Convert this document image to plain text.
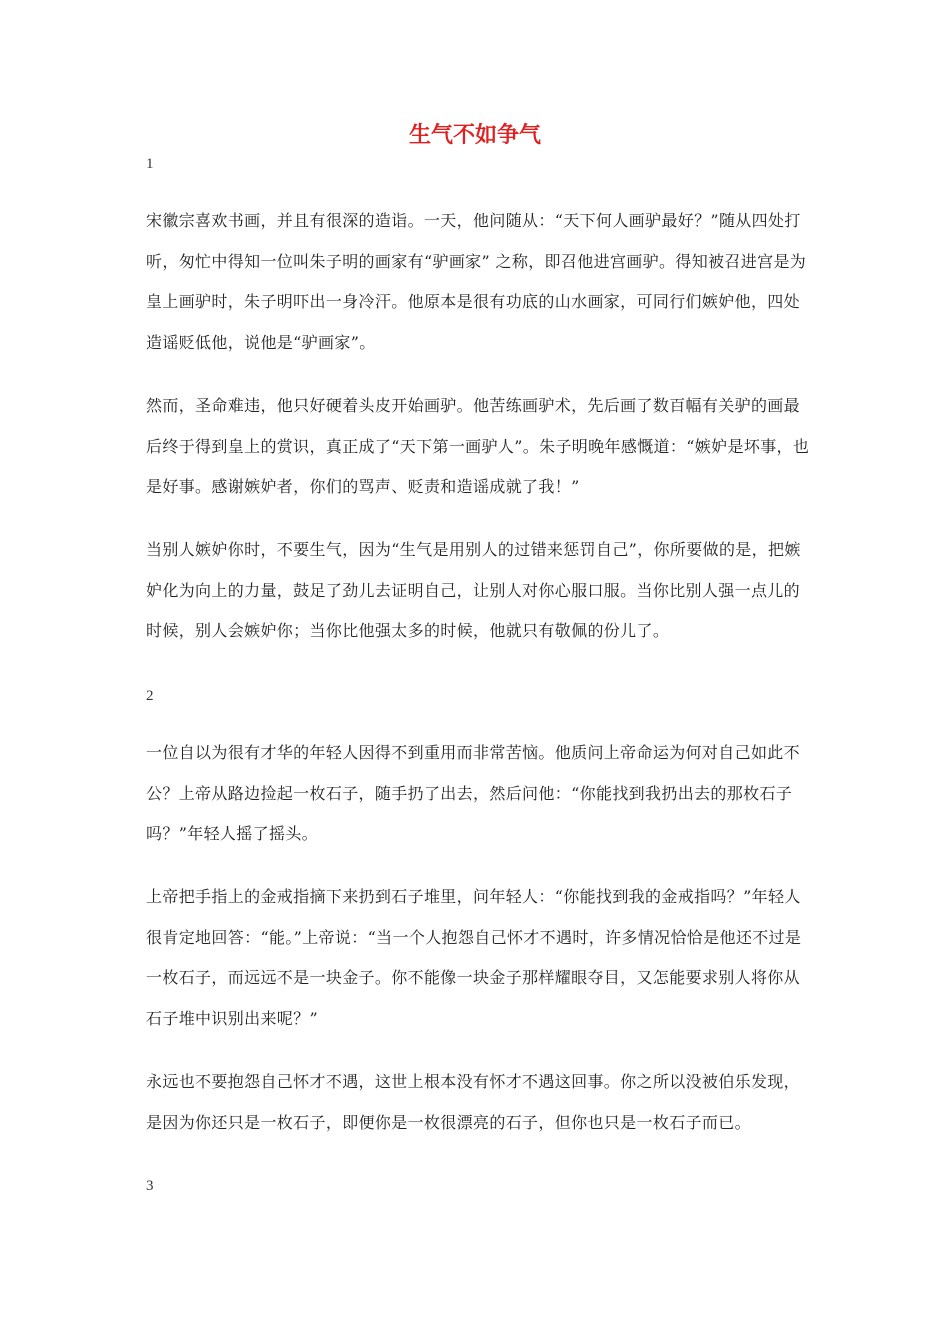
生气不如争气
1
宋徽宗喜欢书画，并且有很深的造诣。一天，他问随从：“天下何人画驴最好？”随从四处打听，匆忙中得知一位叫朱子明的画家有“驴画家” 之称，即召他进宫画驴。得知被召进宫是为皇上画驴时，朱子明吓出一身冷汗。他原本是很有功底的山水画家，可同行们嫉妒他，四处造谣贬低他，说他是“驴画家”。
然而，圣命难违，他只好硬着头皮开始画驴。他苦练画驴术，先后画了数百幅有关驴的画最后终于得到皇上的赏识，真正成了“天下第一画驴人”。朱子明晚年感慨道：“嫉妒是坏事，也是好事。感谢嫉妒者，你们的骂声、贬责和造谣成就了我！”
当别人嫉妒你时，不要生气，因为“生气是用别人的过错来惩罚自己”，你所要做的是，把嫉妒化为向上的力量，鼓足了劲儿去证明自己，让别人对你心服口服。当你比别人强一点儿的时候，别人会嫉妒你；当你比他强太多的时候，他就只有敬佩的份儿了。
2
一位自以为很有才华的年轻人因得不到重用而非常苦恼。他质问上帝命运为何对自己如此不公？上帝从路边捡起一枚石子，随手扔了出去，然后问他：“你能找到我扔出去的那枚石子吗？”年轻人摇了摇头。
上帝把手指上的金戒指摘下来扔到石子堆里，问年轻人：“你能找到我的金戒指吗？”年轻人很肯定地回答：“能。”上帝说：“当一个人抱怨自己怀才不遇时，许多情况恰恰是他还不过是一枚石子，而远远不是一块金子。你不能像一块金子那样耀眼夺目，又怎能要求别人将你从石子堆中识别出来呢？”
永远也不要抱怨自己怀才不遇，这世上根本没有怀才不遇这回事。你之所以没被伯乐发现，是因为你还只是一枚石子，即便你是一枚很漂亮的石子，但你也只是一枚石子而已。
3
